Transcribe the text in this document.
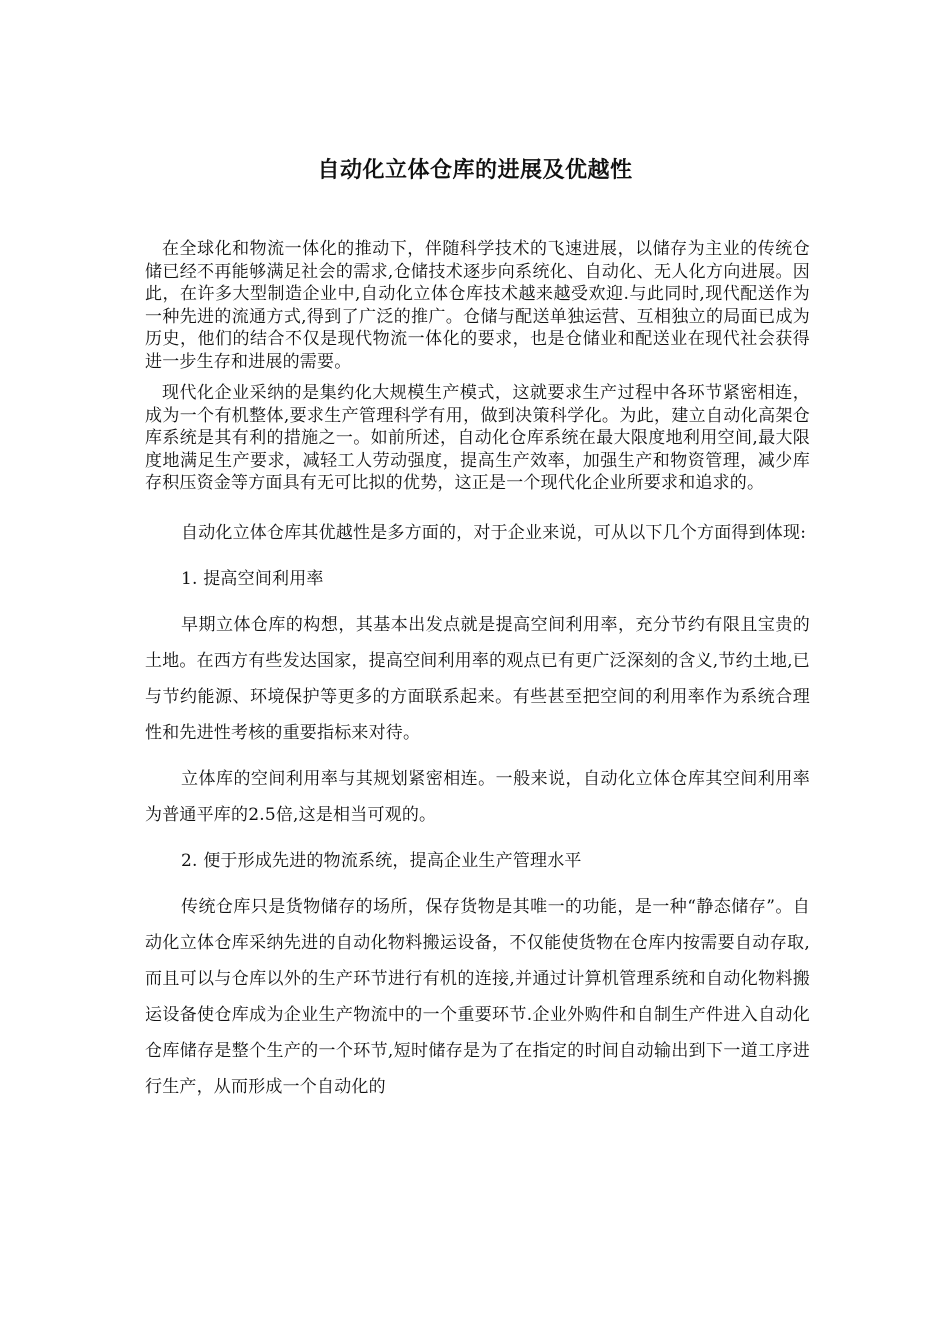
自动化立体仓库的进展及优越性

在全球化和物流一体化的推动下，伴随科学技术的飞速进展，以储存为主业的传统仓储已经不再能够满足社会的需求,仓储技术逐步向系统化、自动化、无人化方向进展。因此，在许多大型制造企业中,自动化立体仓库技术越来越受欢迎.与此同时,现代配送作为一种先进的流通方式,得到了广泛的推广。仓储与配送单独运营、互相独立的局面已成为历史，他们的结合不仅是现代物流一体化的要求，也是仓储业和配送业在现代社会获得进一步生存和进展的需要。

现代化企业采纳的是集约化大规模生产模式，这就要求生产过程中各环节紧密相连，成为一个有机整体,要求生产管理科学有用，做到决策科学化。为此，建立自动化高架仓库系统是其有利的措施之一。如前所述，自动化仓库系统在最大限度地利用空间,最大限度地满足生产要求，减轻工人劳动强度，提高生产效率，加强生产和物资管理，减少库存积压资金等方面具有无可比拟的优势，这正是一个现代化企业所要求和追求的。

自动化立体仓库其优越性是多方面的，对于企业来说，可从以下几个方面得到体现:

1. 提高空间利用率

早期立体仓库的构想，其基本出发点就是提高空间利用率，充分节约有限且宝贵的土地。在西方有些发达国家，提高空间利用率的观点已有更广泛深刻的含义,节约土地,已与节约能源、环境保护等更多的方面联系起来。有些甚至把空间的利用率作为系统合理性和先进性考核的重要指标来对待。

立体库的空间利用率与其规划紧密相连。一般来说，自动化立体仓库其空间利用率为普通平库的2.5倍,这是相当可观的。

2. 便于形成先进的物流系统，提高企业生产管理水平

传统仓库只是货物储存的场所，保存货物是其唯一的功能，是一种“静态储存”。自动化立体仓库采纳先进的自动化物料搬运设备，不仅能使货物在仓库内按需要自动存取,而且可以与仓库以外的生产环节进行有机的连接,并通过计算机管理系统和自动化物料搬运设备使仓库成为企业生产物流中的一个重要环节.企业外购件和自制生产件进入自动化仓库储存是整个生产的一个环节,短时储存是为了在指定的时间自动输出到下一道工序进行生产，从而形成一个自动化的
